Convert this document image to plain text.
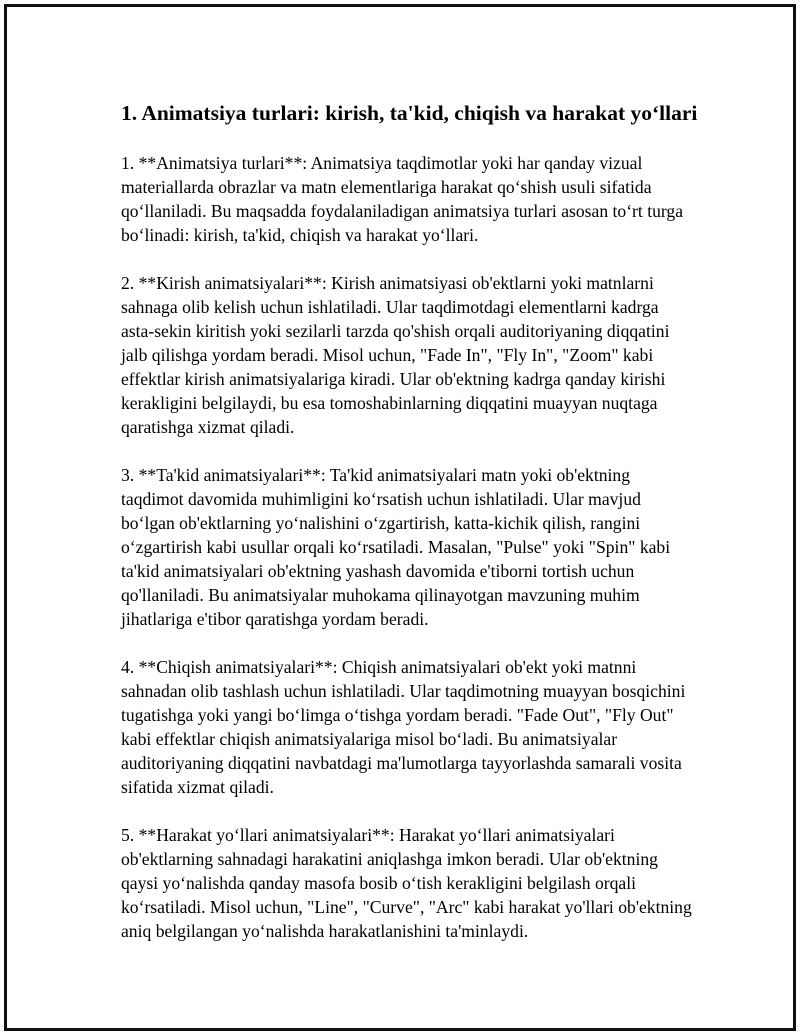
1. Animatsiya turlari: kirish, ta'kid, chiqish va harakat yo‘llari

1. **Animatsiya turlari**: Animatsiya taqdimotlar yoki har qanday vizual materiallarda obrazlar va matn elementlariga harakat qo‘shish usuli sifatida qo‘llaniladi. Bu maqsadda foydalaniladigan animatsiya turlari asosan to‘rt turga bo‘linadi: kirish, ta'kid, chiqish va harakat yo‘llari.

2. **Kirish animatsiyalari**: Kirish animatsiyasi ob'ektlarni yoki matnlarni sahnaga olib kelish uchun ishlatiladi. Ular taqdimotdagi elementlarni kadrga asta-sekin kiritish yoki sezilarli tarzda qo'shish orqali auditoriyaning diqqatini jalb qilishga yordam beradi. Misol uchun, "Fade In", "Fly In", "Zoom" kabi effektlar kirish animatsiyalariga kiradi. Ular ob'ektning kadrga qanday kirishi kerakligini belgilaydi, bu esa tomoshabinlarning diqqatini muayyan nuqtaga qaratishga xizmat qiladi.

3. **Ta'kid animatsiyalari**: Ta'kid animatsiyalari matn yoki ob'ektning taqdimot davomida muhimligini ko‘rsatish uchun ishlatiladi. Ular mavjud bo‘lgan ob'ektlarning yo‘nalishini o‘zgartirish, katta-kichik qilish, rangini o‘zgartirish kabi usullar orqali ko‘rsatiladi. Masalan, "Pulse" yoki "Spin" kabi ta'kid animatsiyalari ob'ektning yashash davomida e'tiborni tortish uchun qo'llaniladi. Bu animatsiyalar muhokama qilinayotgan mavzuning muhim jihatlariga e'tibor qaratishga yordam beradi.

4. **Chiqish animatsiyalari**: Chiqish animatsiyalari ob'ekt yoki matnni sahnadan olib tashlash uchun ishlatiladi. Ular taqdimotning muayyan bosqichini tugatishga yoki yangi bo‘limga o‘tishga yordam beradi. "Fade Out", "Fly Out" kabi effektlar chiqish animatsiyalariga misol bo‘ladi. Bu animatsiyalar auditoriyaning diqqatini navbatdagi ma'lumotlarga tayyorlashda samarali vosita sifatida xizmat qiladi.

5. **Harakat yo‘llari animatsiyalari**: Harakat yo‘llari animatsiyalari ob'ektlarning sahnadagi harakatini aniqlashga imkon beradi. Ular ob'ektning qaysi yo‘nalishda qanday masofa bosib o‘tish kerakligini belgilash orqali ko‘rsatiladi. Misol uchun, "Line", "Curve", "Arc" kabi harakat yo'llari ob'ektning aniq belgilangan yo‘nalishda harakatlanishini ta'minlaydi.
